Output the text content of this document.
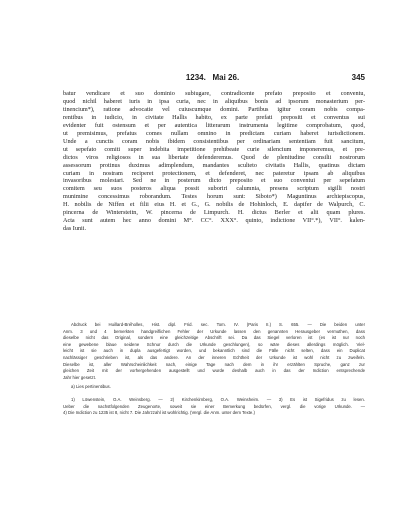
1234.   Mai 26.	345
batur vendicare et suo dominio subiugare, contradicente prefato preposito et conventu,
quod nichil haberet iuris in ipsa curia, nec in aliquibus bonis ad ipsorum monasterium per-
tinencium*), ratione advocatie vel cuiuscumque domini. Partibus igitur coram nobis compa-
rentibus in iudicio, in civitate Hallis habito, ex parte prefati prepositi et conventus sui
evidenter fuit ostensum et per autentica litterarum instrumenta legitime comprobatum, quod,
ut premisimus, prefatus comes nullam omnino in predictam curiam haberet iurisdictionem.
Unde a cunctis coram nobis ibidem consistentibus per ordinariam sententiam fuit sancitum,
ut sepefato comiti super indebita impetitione prehibeate curie silencium imponeremus, et pre-
dictos viros religiosos in sua libertate defenderemus. Quod de plenitudine consilii nostrorum
assessorum protinus duximus adimplendum, mandantes sculteto civitatis Hallis, quatinus dictam
curiam in nostram reciperet protectionem, et defenderet, nec pateretur ipsam ab aliquibus
invasoribus molestari. Sed ne in posterum dicto preposito et suo conventui per sepefatum
comitem seu suos posteros aliqua possit suboriri calumnia, presens scriptum sigilli nostri
munimine concessimus roborandum. Testes horum sunt: Siboto*) Maguntinus archiepiscopus,
H. nobilis de Niffen et filii eius H. et G., G. nobilis de Hohinloch, E. dapifer de Walpurch, C.
pincerna de Wintersteitn, W. pincerna de Limpurch. H. dictus Berler et alii quam plures.
Acta sunt autem hec anno domini M°. CC°. XXX°. quinto, indictione VII°.*), VII°. kalen-
das Iunii.
Abdruck bei Huillard-Bréholles, Hist. dipl. Frid. sec. Tom. IV. (Paris II.) S. 655. — Die beiden unter
Anm. 3 und 4 bemerkten handgreiflichen Fehler der Urkunde lassen den genannten Herausgeber vermuthen, dass
dieselbe nicht das Original, sondern eine gleichzeitige Abschrift sei. Da das Siegel verloren ist (es ist nur noch
eine gewebene blaue seidene Schnur durch die Urkunde geschlungen), so wäre dieses allerdings möglich. Viel-
leicht ist sie auch in dupla ausgefertigt worden, und bekanntlich sind die Fälle nicht selten, dass ein Duplicat
nachlässiger geschrieben ist, als das andere. An der inneren Echtheit der Urkunde ist wohl nicht zu zweifeln.
Dieselbe ist, aller Wahrscheinlichkeit nach, einige Tage nach dem in ihr erzählten Spruche, ganz zur
gleichen Zeit mit der vorhergehenden ausgestellt und wurde deshalb auch in das der Indiction entsprechende
Jahr hier gesetzt.
a) Lies pertinentibus.
1) Löwenstein, O.A. Weinsberg. — 2) Kirchenkirnberg, O.A. Weinsheim. — 3) Es ist Sigefridus zu lesen.
Ueber die nachstfolgenden Zeugenorte, soweit sie einer Bemerkung bedürfen, vergl. die vorige Urkunde. —
4) Die Indiction zu 1235 ist 8, nicht 7. Die Jahrzzahl ist wohlrichtig. (Vergl. die Anm. unter dem Texte.)
